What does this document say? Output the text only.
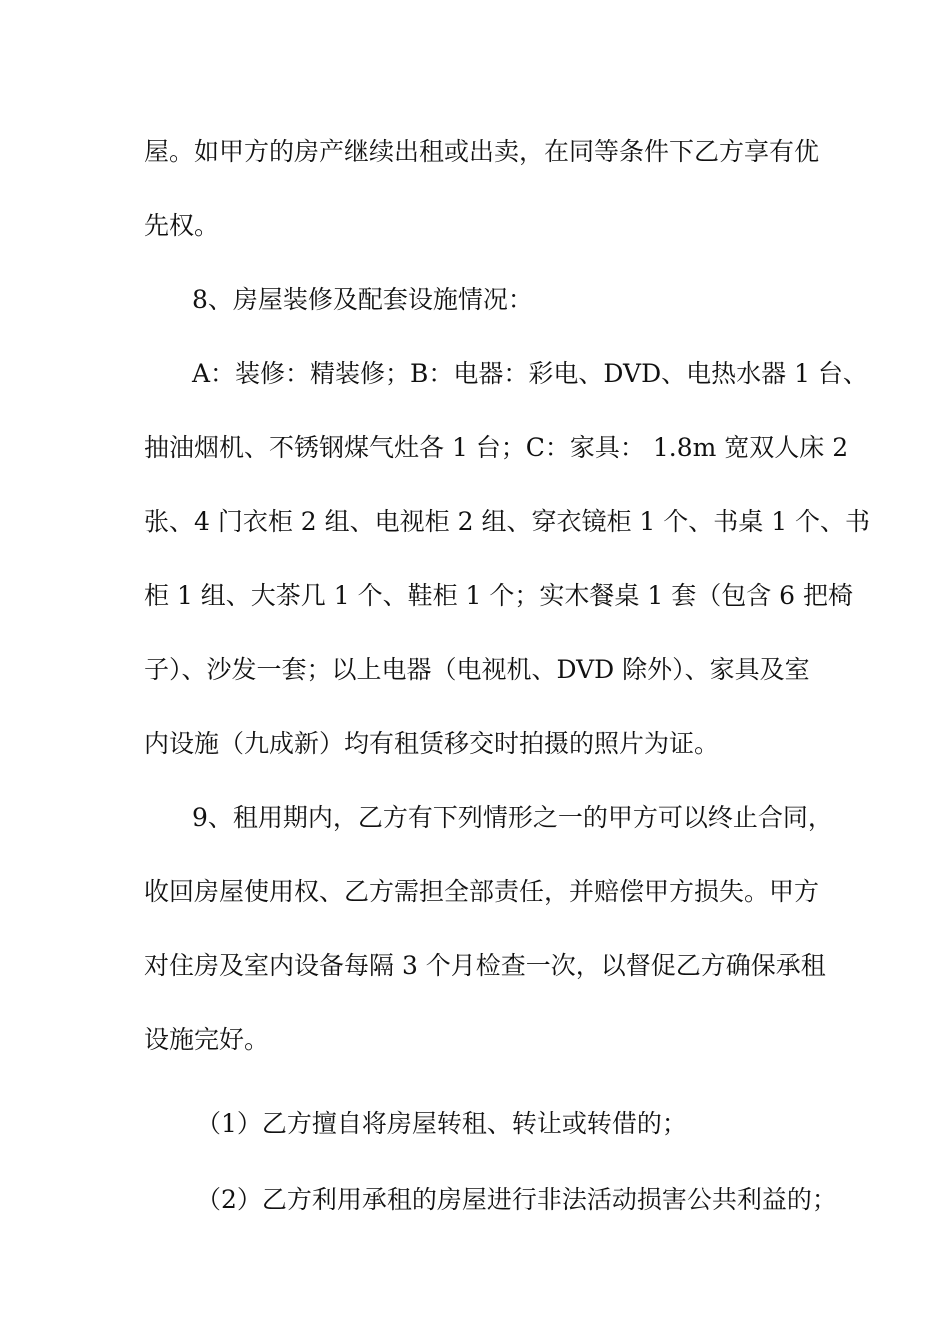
屋。如甲方的房产继续出租或出卖，在同等条件下乙方享有优
先权。
8、房屋装修及配套设施情况：
A：装修：精装修；B：电器：彩电、DVD、电热水器 1 台、
抽油烟机、不锈钢煤气灶各 1 台；C：家具： 1.8m 宽双人床 2
张、4 门衣柜 2 组、电视柜 2 组、穿衣镜柜 1 个、书桌 1 个、书
柜 1 组、大茶几 1 个、鞋柜 1 个；实木餐桌 1 套（包含 6 把椅
子）、沙发一套；以上电器（电视机、DVD 除外）、家具及室
内设施（九成新）均有租赁移交时拍摄的照片为证。
9、租用期内，乙方有下列情形之一的甲方可以终止合同，
收回房屋使用权、乙方需担全部责任，并赔偿甲方损失。甲方
对住房及室内设备每隔 3 个月检查一次，以督促乙方确保承租
设施完好。
（1）乙方擅自将房屋转租、转让或转借的；
（2）乙方利用承租的房屋进行非法活动损害公共利益的；
